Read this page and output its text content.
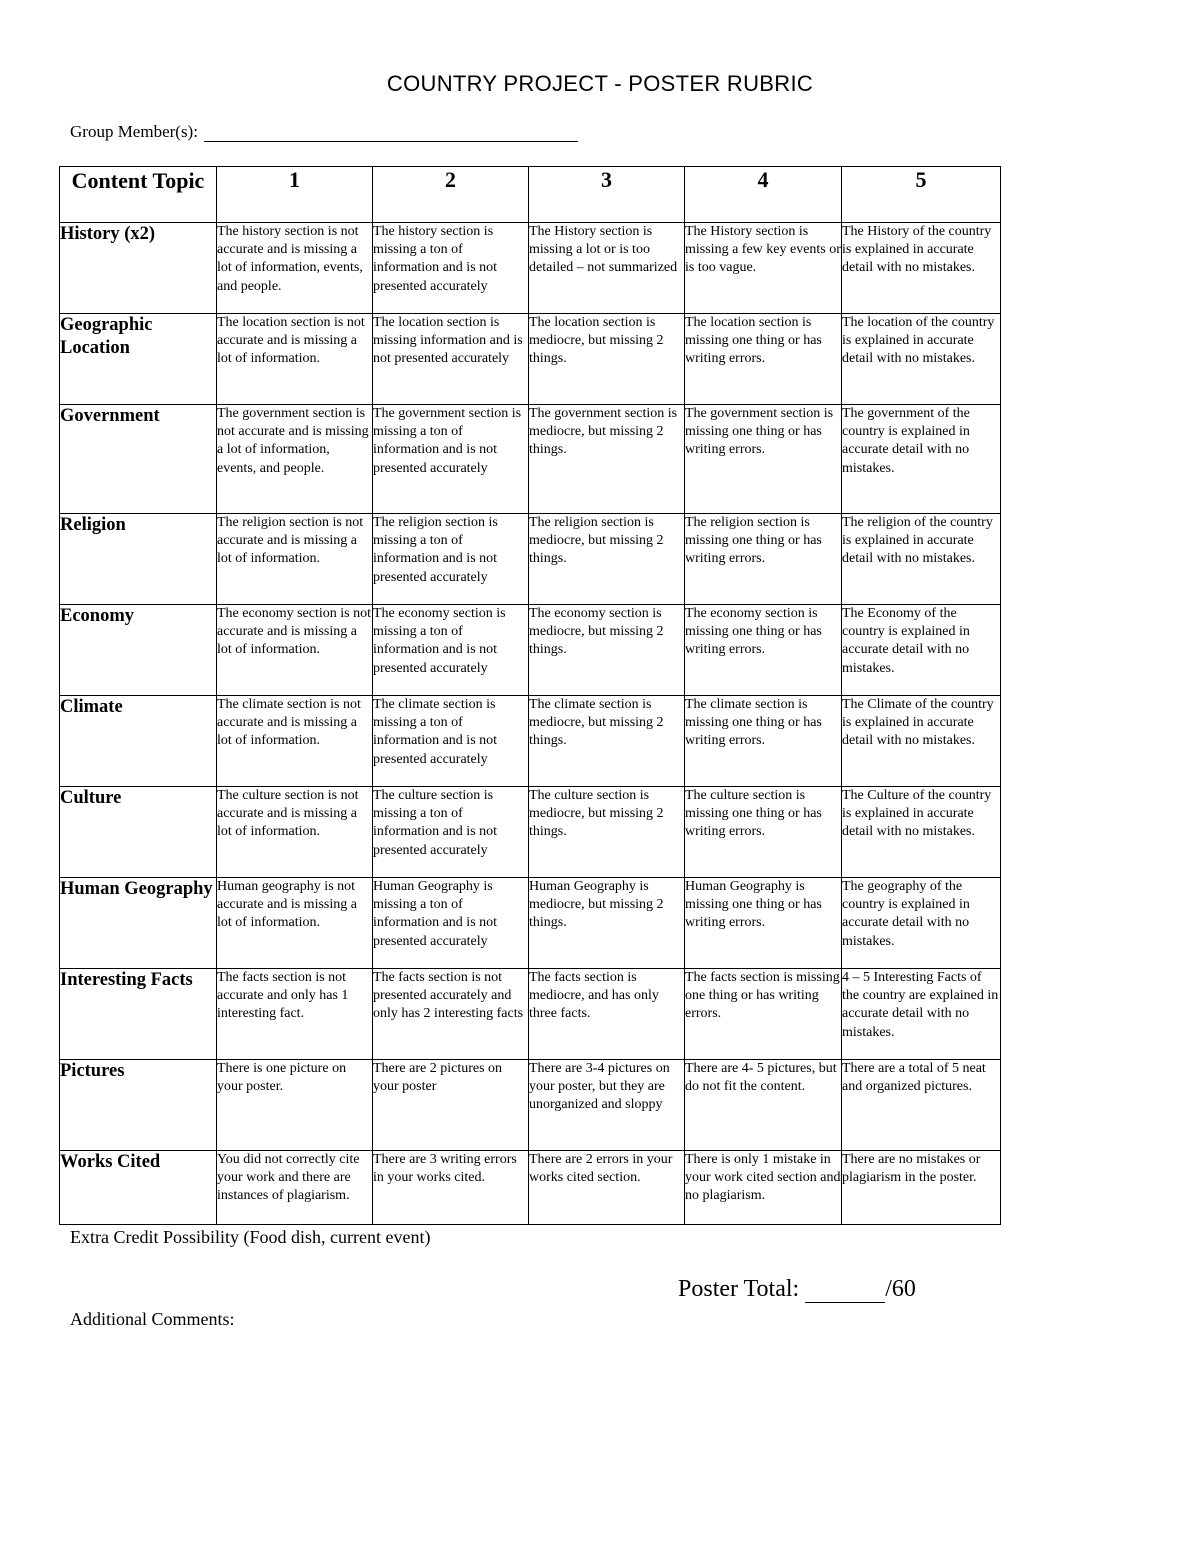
COUNTRY PROJECT - POSTER RUBRIC
Group Member(s):
Content Topic	1	2	3	4	5
History (x2)	The history section is not accurate and is missing a lot of information, events, and people.	The history section is missing a ton of information and is not presented accurately	The History section is missing a lot or is too detailed – not summarized	The History section is missing a few key events or is too vague.	The History of the country is explained in accurate detail with no mistakes.
Geographic Location	The location section is not accurate and is missing a lot of information.	The location section is missing information and is not presented accurately	The location section is mediocre, but missing 2 things.	The location section is missing one thing or has writing errors.	The location of the country is explained in accurate detail with no mistakes.
Government	The government section is not accurate and is missing a lot of information, events, and people.	The government section is missing a ton of information and is not presented accurately	The government section is mediocre, but missing 2 things.	The government section is missing one thing or has writing errors.	The government of the country is explained in accurate detail with no mistakes.
Religion	The religion section is not accurate and is missing a lot of information.	The religion section is missing a ton of information and is not presented accurately	The religion section is mediocre, but missing 2 things.	The religion section is missing one thing or has writing errors.	The religion of the country is explained in accurate detail with no mistakes.
Economy	The economy section is not accurate and is missing a lot of information.	The economy section is missing a ton of information and is not presented accurately	The economy section is mediocre, but missing 2 things.	The economy section is missing one thing or has writing errors.	The Economy of the country is explained in accurate detail with no mistakes.
Climate	The climate section is not accurate and is missing a lot of information.	The climate section is missing a ton of information and is not presented accurately	The climate section is mediocre, but missing 2 things.	The climate section is missing one thing or has writing errors.	The Climate of the country is explained in accurate detail with no mistakes.
Culture	The culture section is not accurate and is missing a lot of information.	The culture section is missing a ton of information and is not presented accurately	The culture section is mediocre, but missing 2 things.	The culture section is missing one thing or has writing errors.	The Culture of the country is explained in accurate detail with no mistakes.
Human Geography	Human geography is not accurate and is missing a lot of information.	Human Geography is missing a ton of information and is not presented accurately	Human Geography is mediocre, but missing 2 things.	Human Geography is missing one thing or has writing errors.	The geography of the country is explained in accurate detail with no mistakes.
Interesting Facts	The facts section is not accurate and only has 1 interesting fact.	The facts section is not presented accurately and only has 2 interesting facts	The facts section is mediocre, and has only three facts.	The facts section is missing one thing or has writing errors.	4 – 5 Interesting Facts of the country are explained in accurate detail with no mistakes.
Pictures	There is one picture on your poster.	There are 2 pictures on your poster	There are 3-4 pictures on your poster, but they are unorganized and sloppy	There are 4- 5 pictures, but do not fit the content.	There are a total of 5 neat and organized pictures.
Works Cited	You did not correctly cite your work and there are instances of plagiarism.	There are 3 writing errors in your works cited.	There are 2 errors in your works cited section.	There is only 1 mistake in your work cited section and no plagiarism.	There are no mistakes or plagiarism in the poster.
Extra Credit Possibility (Food dish, current event)
Poster Total:	/60
Additional Comments:
